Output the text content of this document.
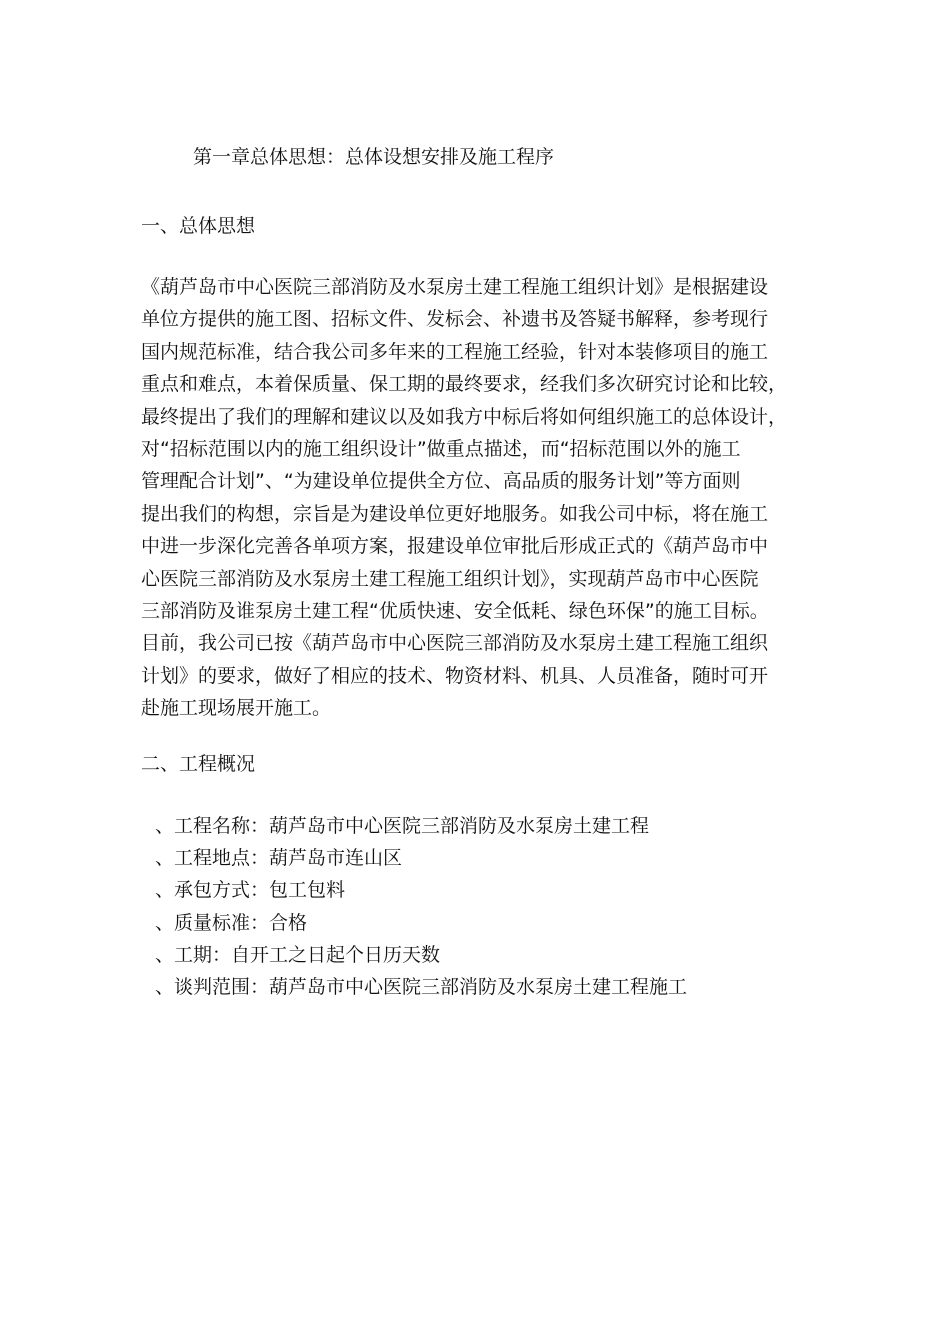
第一章总体思想：总体设想安排及施工程序
一、总体思想
《葫芦岛市中心医院三部消防及水泵房土建工程施工组织计划》是根据建设
单位方提供的施工图、招标文件、发标会、补遗书及答疑书解释，参考现行
国内规范标准，结合我公司多年来的工程施工经验，针对本装修项目的施工
重点和难点，本着保质量、保工期的最终要求，经我们多次研究讨论和比较，
最终提出了我们的理解和建议以及如我方中标后将如何组织施工的总体设计，
对“招标范围以内的施工组织设计”做重点描述，而“招标范围以外的施工
管理配合计划”、“为建设单位提供全方位、高品质的服务计划”等方面则
提出我们的构想，宗旨是为建设单位更好地服务。如我公司中标，将在施工
中进一步深化完善各单项方案，报建设单位审批后形成正式的《葫芦岛市中
心医院三部消防及水泵房土建工程施工组织计划》，实现葫芦岛市中心医院
三部消防及谁泵房土建工程“优质快速、安全低耗、绿色环保”的施工目标。
目前，我公司已按《葫芦岛市中心医院三部消防及水泵房土建工程施工组织
计划》的要求，做好了相应的技术、物资材料、机具、人员准备，随时可开
赴施工现场展开施工。
二、工程概况
、工程名称：葫芦岛市中心医院三部消防及水泵房土建工程
、工程地点：葫芦岛市连山区
、承包方式：包工包料
、质量标准：合格
、工期：自开工之日起个日历天数
、谈判范围：葫芦岛市中心医院三部消防及水泵房土建工程施工
